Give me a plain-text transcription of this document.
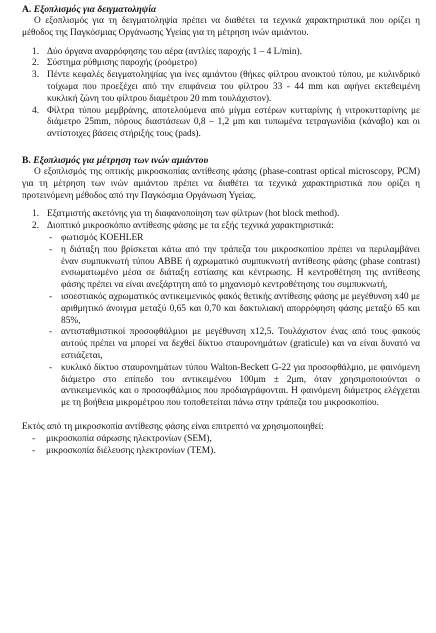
A. Εξοπλισμός για δειγματοληψία

Ο εξοπλισμός για τη δειγματοληψία πρέπει να διαθέτει τα τεχνικά χαρακτηριστικά που ορίζει η μέθοδος της Παγκόσμιας Οργάνωσης Υγείας για τη μέτρηση ινών αμιάντου.

1. Δύο όργανα αναρρόφησης του αέρα (αντλίες παροχής 1 – 4 L/min).
2. Σύστημα ρύθμισης παροχής (ροόμετρο)
3. Πέντε κεφαλές δειγματοληψίας για ίνες αμιάντου (θήκες φίλτρου ανοικτού τύπου, με κυλινδρικό τοίχωμα που προεξέχει από την επιφάνεια του φίλτρου 33 - 44 mm και αφήνει εκτεθειμένη κυκλική ζώνη του φίλτρου διαμέτρου 20 mm τουλάχιστον).
4. Φίλτρα τύπου μεμβράνης, αποτελούμενα από μίγμα εστέρων κυτταρίνης ή νιτροκυτταρίνης με διάμετρο 25mm, πόρους διαστάσεων 0,8 – 1,2 μm και τυπωμένα τετραγωνίδια (κάναβο) και οι αντίστοιχες βάσεις στήριξής τους (pads).
B. Εξοπλισμός για μέτρηση των ινών αμιάντου

Ο εξοπλισμός της οπτικής μικροσκοπίας αντίθεσης φάσης (phase-contrast optical microscopy, PCM) για τη μέτρηση των ινών αμιάντου πρέπει να διαθέτει τα τεχνικά χαρακτηριστικά που ορίζει η προτεινόμενη μέθοδος από την Παγκόσμια Οργάνωση Υγείας.

1. Εξατμιστής ακετόνης για τη διαφανοποίηση των φίλτρων (hot block method).
2. Διοπτικό μικροσκόπιο αντίθεσης φάσης με τα εξής τεχνικά χαρακτηριστικά:
- φωτισμός KOEHLER
- η διάταξη που βρίσκεται κάτω από την τράπεζα του μικροσκοπίου πρέπει να περιλαμβάνει έναν συμπυκνωτή τύπου ABBE ή αχρωματικό συμπυκνωτή αντίθεσης φάσης (phase contrast) ενσωματωμένο μέσα σε διάταξη εστίασης και κέντρωσης. Η κεντροθέτηση της αντίθεσης φάσης πρέπει να είναι ανεξάρτητη από το μηχανισμό κεντροθέτησης του συμπυκνωτή,
- ισοεστιακός αχρωματικός αντικειμενικός φακός θετικής αντίθεσης φάσης με μεγέθυνση x40 με αριθμητικό άνοιγμα μεταξύ 0,65 και 0,70 και δακτυλιακή απορρόφηση φάσης μεταξύ 65 και 85%,
- αντισταθμιστικοί προσοφθάλμιοι με μεγέθυνση x12,5. Τουλάχιστον ένας από τους φακούς αυτούς πρέπει να μπορεί να δεχθεί δίκτυο σταυρονημάτων (graticule) και να είναι δυνατό να εστιάζεται,
- κυκλικό δίκτυο σταυρονημάτων τύπου Walton-Beckett G-22 για προσοφθάλμιο, με φαινόμενη διάμετρο στο επίπεδο του αντικειμένου 100μm ± 2μm, όταν χρησιμοποιούνται ο αντικειμενικός και ο προσοφθάλμιος που προδιαγράφονται. Η φαινόμενη διάμετρος ελέγχεται με τη βοήθεια μικρομέτρου που τοποθετείται πάνω στην τράπεζα του μικροσκοπίου.

Εκτός από τη μικροσκοπία αντίθεσης φάσης είναι επιτρεπτό να χρησιμοποιηθεί:

- μικροσκοπία σάρωσης ηλεκτρονίων (SEM),
- μικροσκοπία διέλευσης ηλεκτρονίων (TEM).
